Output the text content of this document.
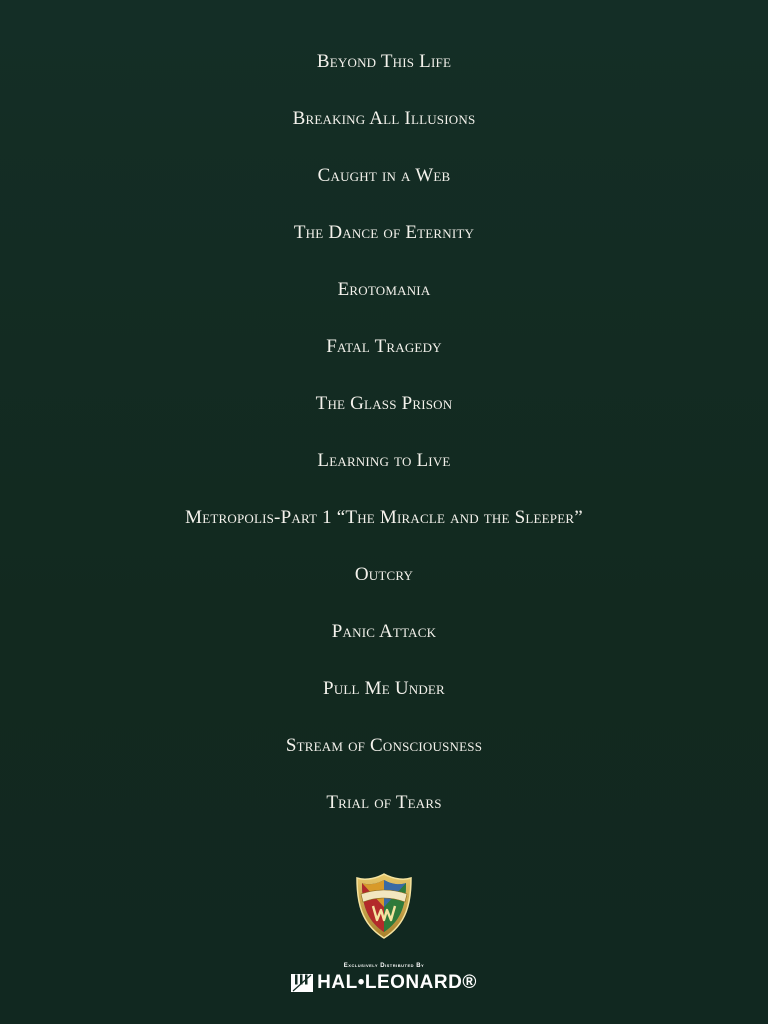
Beyond This Life
Breaking All Illusions
Caught in a Web
The Dance of Eternity
Erotomania
Fatal Tragedy
The Glass Prison
Learning to Live
Metropolis-Part 1 “The Miracle and the Sleeper”
Outcry
Panic Attack
Pull Me Under
Stream of Consciousness
Trial of Tears
Exclusively Distributed By
HAL•LEONARD®
